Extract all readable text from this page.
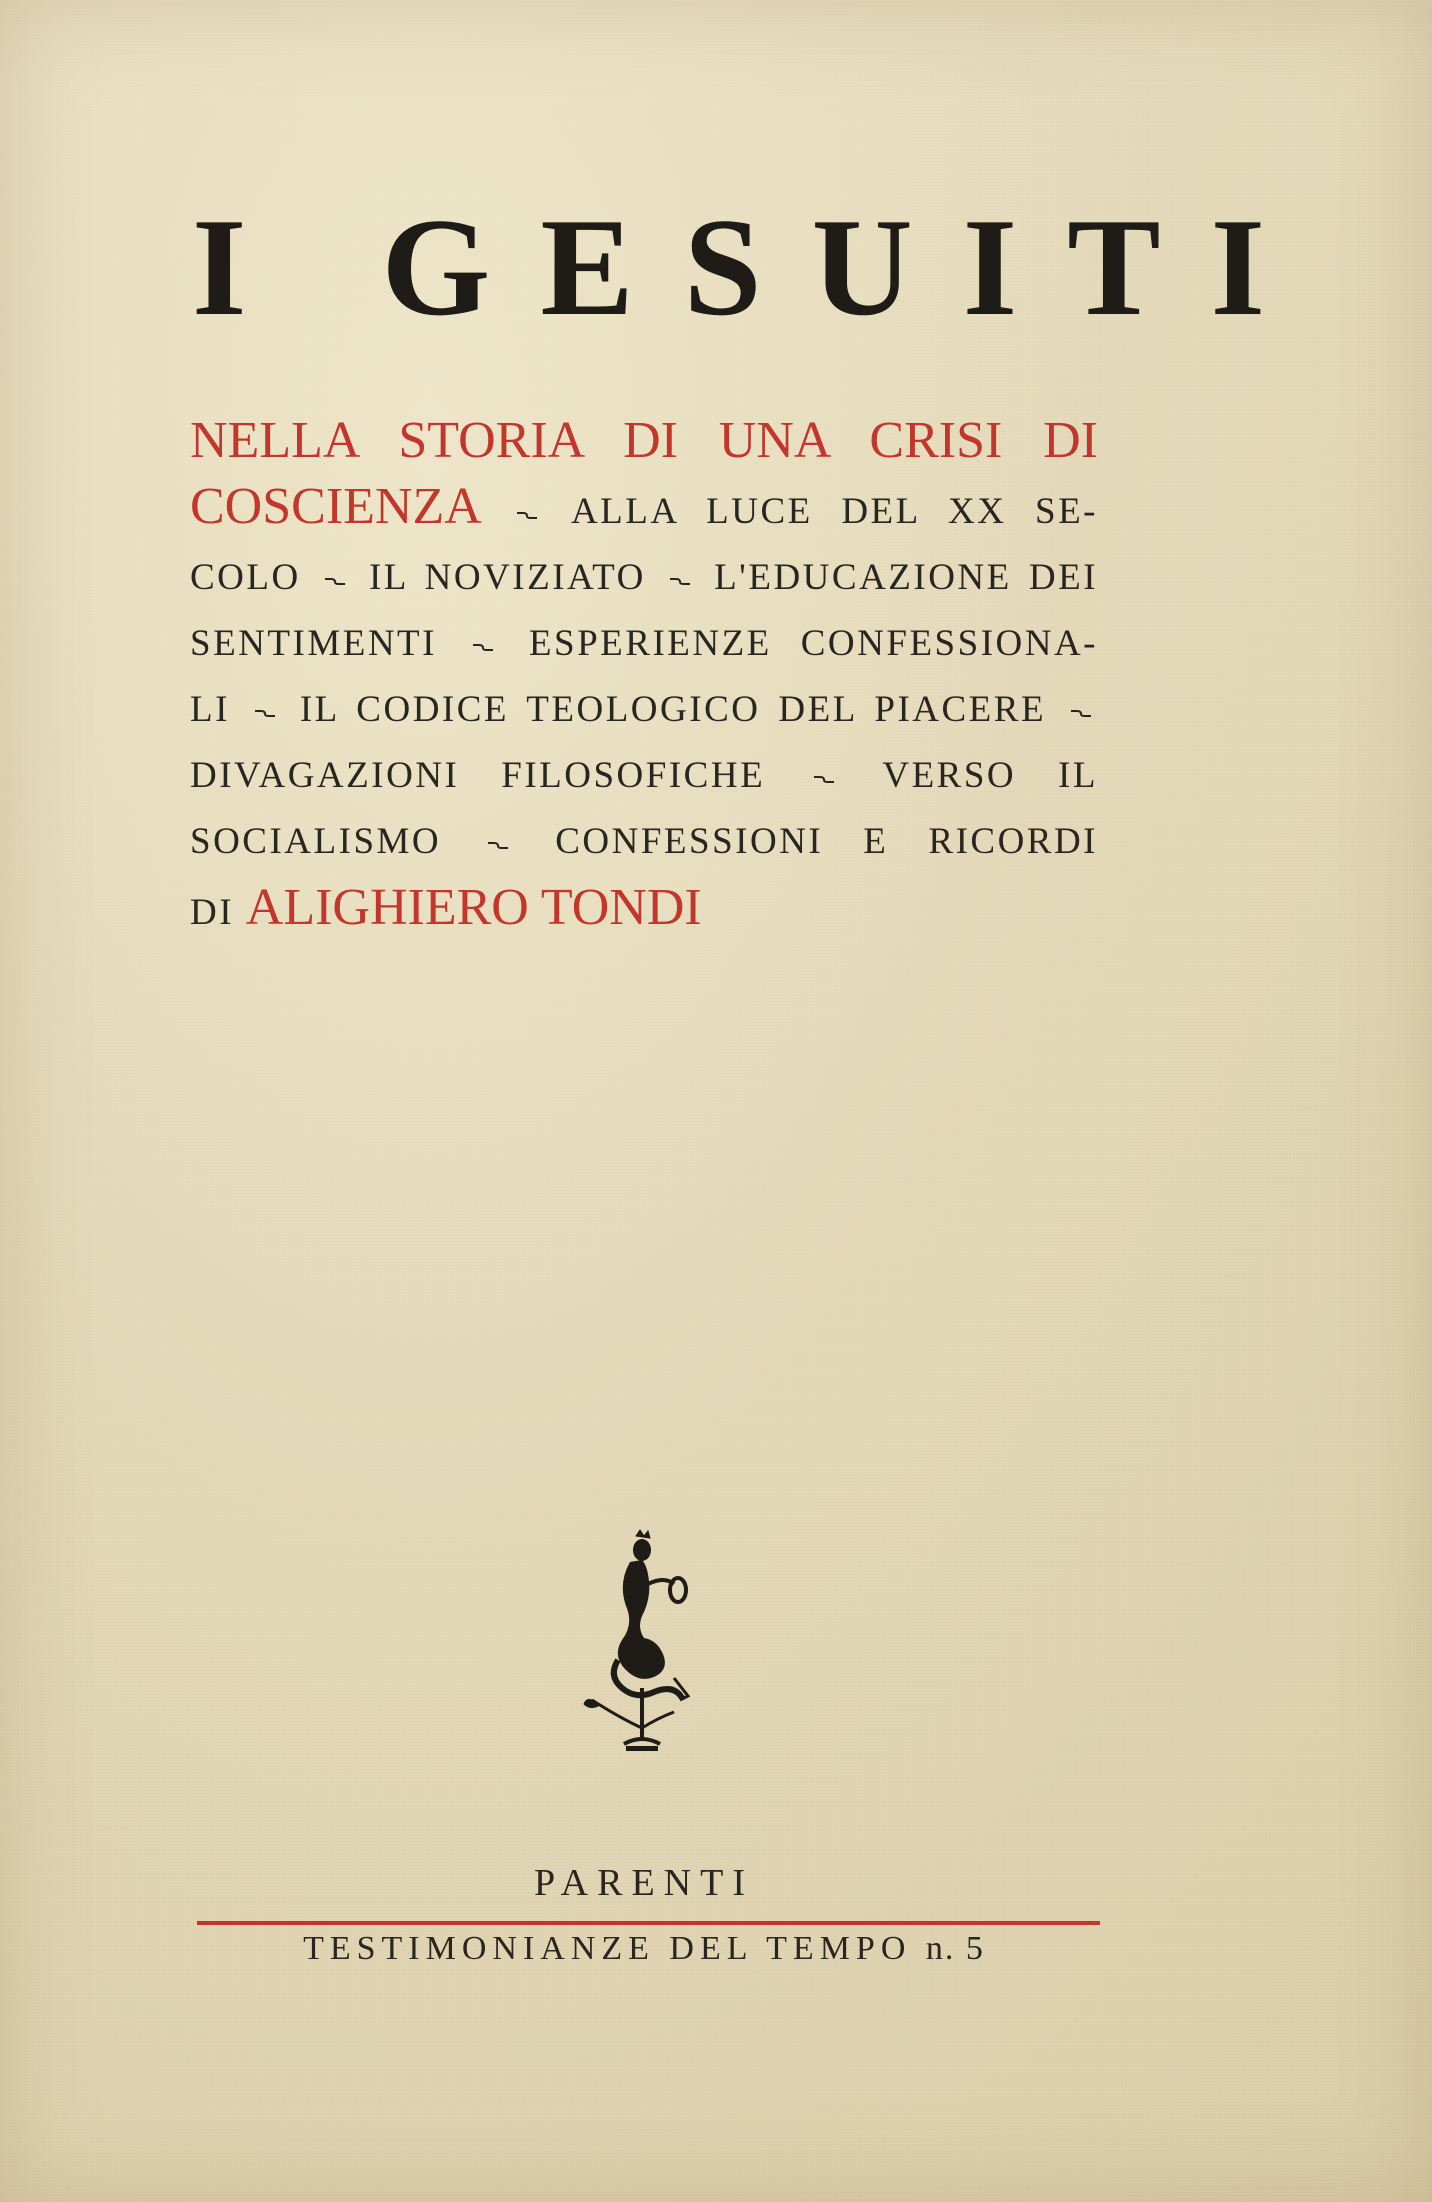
I GESUITI
NELLA STORIA DI UNA CRISI DI
COSCIENZA ALLA LUCE DEL XX SE-
COLO IL NOVIZIATO L'EDUCAZIONE DEI
SENTIMENTI ESPERIENZE CONFESSIONA-
LI IL CODICE TEOLOGICO DEL PIACERE
DIVAGAZIONI FILOSOFICHE	VERSO IL
SOCIALISMO	CONFESSIONI E RICORDI
DI ALIGHIERO TONDI

PARENTI

TESTIMONIANZE DEL TEMPO n. 5
